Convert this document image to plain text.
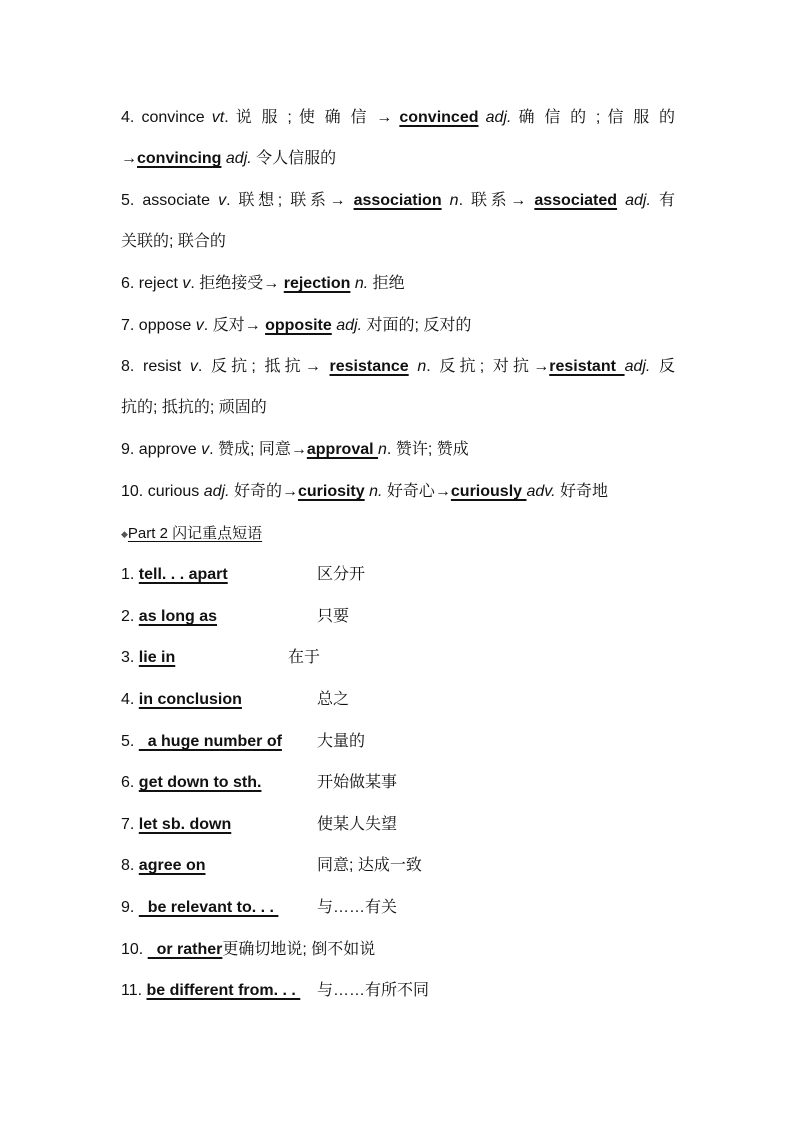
4. convince vt. 说 服 ; 使 确 信 → convinced adj. 确 信 的 ; 信 服 的
→convincing adj. 令人信服的
5. associate v. 联想; 联系→ association n. 联系→ associated adj. 有
关联的; 联合的
6. reject v. 拒绝接受→ rejection n. 拒绝
7. oppose v. 反对→ opposite adj. 对面的; 反对的
8. resist v. 反抗; 抵抗→ resistance n. 反抗; 对抗→resistant adj. 反
抗的; 抵抗的; 顽固的
9. approve v. 赞成; 同意→approval n. 赞许; 赞成
10. curious adj. 好奇的→curiosity n. 好奇心→curiously adv. 好奇地
◆Part 2 闪记重点短语
1. tell. . . apart	区分开
2. as long as	只要
3. lie in	在于
4. in conclusion	总之
5.   a huge number of 大量的
6. get down to sth.	开始做某事
7. let sb. down	使某人失望
8. agree on	同意; 达成一致
9.   be relevant to. . . 与……有关
10.   or rather更确切地说; 倒不如说
11. be different from. . . 与……有所不同
